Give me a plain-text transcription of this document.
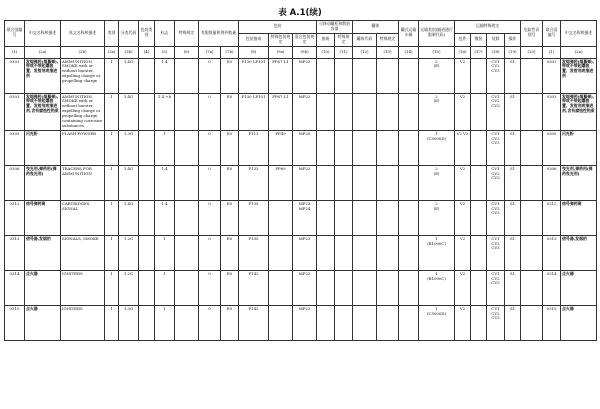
表 A.1(续)
联合国编号	中文名称和描述	英文名称和描述	类别	分类代码	包装类别	标志	特殊规定	有限数量和例外数量		包装			可移动罐柜和散装容器		罐体		罐式运输车辆	运输类别(隧道通行限制代码)	运输特殊规定				危险性识别号	联合国编号	中文名称和描述
										包装指南	特殊包装规定	混合包装规定	指南	特殊规定	罐体代码	特殊规定			包件	散装	装卸	操作			
(1)	(2a)	(2b)	(3a)	(3b)	(4)	(5)	(6)	(7a)	(7b)	(8)	(9a)	(9b)	(10)	(11)	(12)	(13)	(14)	(15)	(16)	(17)	(18)	(19)	(20)	(1)	(2a)
0303	发烟弹药(烟幕弹),带或不带起爆装置、发射剂或推进剂	AMMUNITION, SMOKE with or without burster, expelling charge or propelling charge	1	1.4G		1.4		0	E0	P130 LP101	PP67 L1	MP23						2
(E)	V2		CV1 CV2 CV3	S1		0303	发烟弹药(烟幕弹),带或不带起爆装置、发射剂或推进剂
0303	发烟弹药(烟幕弹),带或不带起爆装置、发射剂或推进剂,含有腐蚀性物质	AMMUNITION, SMOKE with or without burster, expelling charge or propelling charge, containing corrosive substances	1	1.4G		1.4 +8		0	E0	P130 LP101	PP67 L1	MP23						2
(E)	V2		CV1 CV2 CV3	S1		0303	发烟弹药(烟幕弹),带或不带起爆装置、发射剂或推进剂,含有腐蚀性物质
0305	闪光粉	FLASH POWDER	1	1.3G		1		0	E0	P113	PP49	MP20						1
(C5000D)	V2 V3		CV1 CV2 CV3	S1		0305	闪光粉
0306	曳光剂,弹药用(弹药曳光剂)	TRACERS FOR AMMUNITION	1	1.4G		1.4		0	E0	P133	PP69	MP23						2
(E)	V2		CV1 CV2 CV3	S1		0306	曳光剂,弹药用(弹药曳光剂)
0312	信号弹药筒	CARTRIDGES, SIGNAL	1	1.4G		1.4		0	E0	P135		MP23 MP24						2
(E)	V2		CV1 CV2 CV3	S1		0312	信号弹药筒
0313	信号器,发烟的	SIGNALS, SMOKE	1	1.2G		1		0	E0	P135		MP23						1
(B1000C)	V2		CV1 CV2 CV3	S1		0313	信号器,发烟的
0314	点火器	IGNITERS	1	1.2G		1		0	E0	P142		MP23						1
(B1000C)	V2		CV1 CV2 CV3	S1		0314	点火器
0315	点火器	IGNITERS	1	1.3G		1		0	E0	P142		MP23						1
(C5000D)	V2		CV1 CV2 CV3	S1		0315	点火器
